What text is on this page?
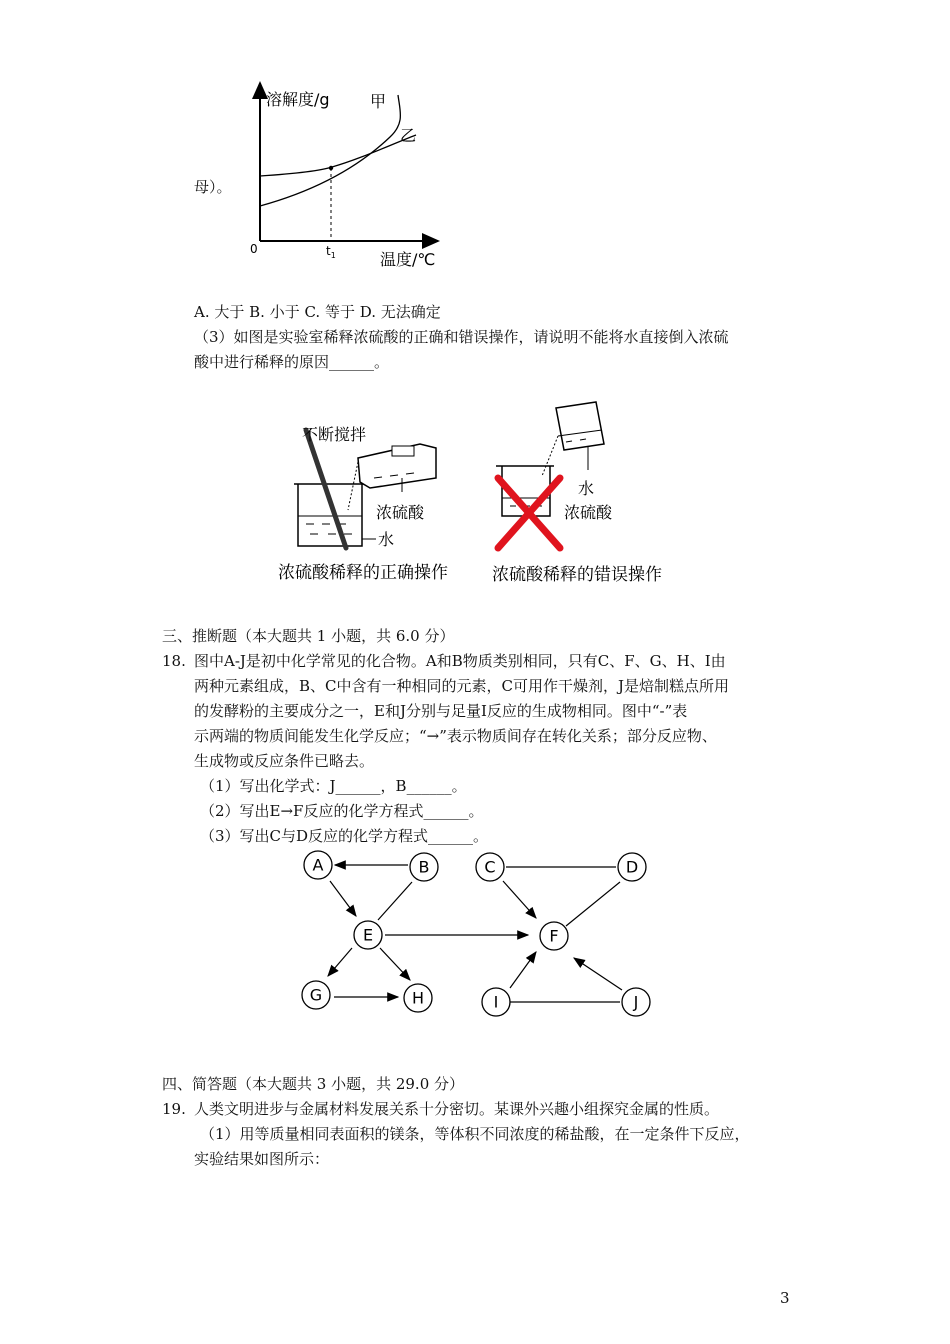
母）。
溶解度/g	甲
乙
0	$t_1$	温度/℃
A. 大于 B. 小于 C. 等于 D. 无法确定
（3）如图是实验室稀释浓硫酸的正确和错误操作，请说明不能将水直接倒入浓硫
酸中进行稀释的原因______。
不断搅拌
浓硫酸
水
浓硫酸稀释的正确操作
水
浓硫酸
浓硫酸稀释的错误操作
三、推断题（本大题共 1 小题，共 6.0 分）
18. 图中A-J是初中化学常见的化合物。A和B物质类别相同，只有C、F、G、H、I由
两种元素组成，B、C中含有一种相同的元素，C可用作干燥剂，J是焙制糕点所用
的发酵粉的主要成分之一，E和J分别与足量I反应的生成物相同。图中“-”表
示两端的物质间能发生化学反应；“→”表示物质间存在转化关系；部分反应物、
生成物或反应条件已略去。
（1）写出化学式：J______，B______。
（2）写出E→F反应的化学方程式______。
（3）写出C与D反应的化学方程式______。
A	B	C	D
E	F
G	H	I	J
四、简答题（本大题共 3 小题，共 29.0 分）
19. 人类文明进步与金属材料发展关系十分密切。某课外兴趣小组探究金属的性质。
（1）用等质量相同表面积的镁条，等体积不同浓度的稀盐酸，在一定条件下反应，
实验结果如图所示：
3
